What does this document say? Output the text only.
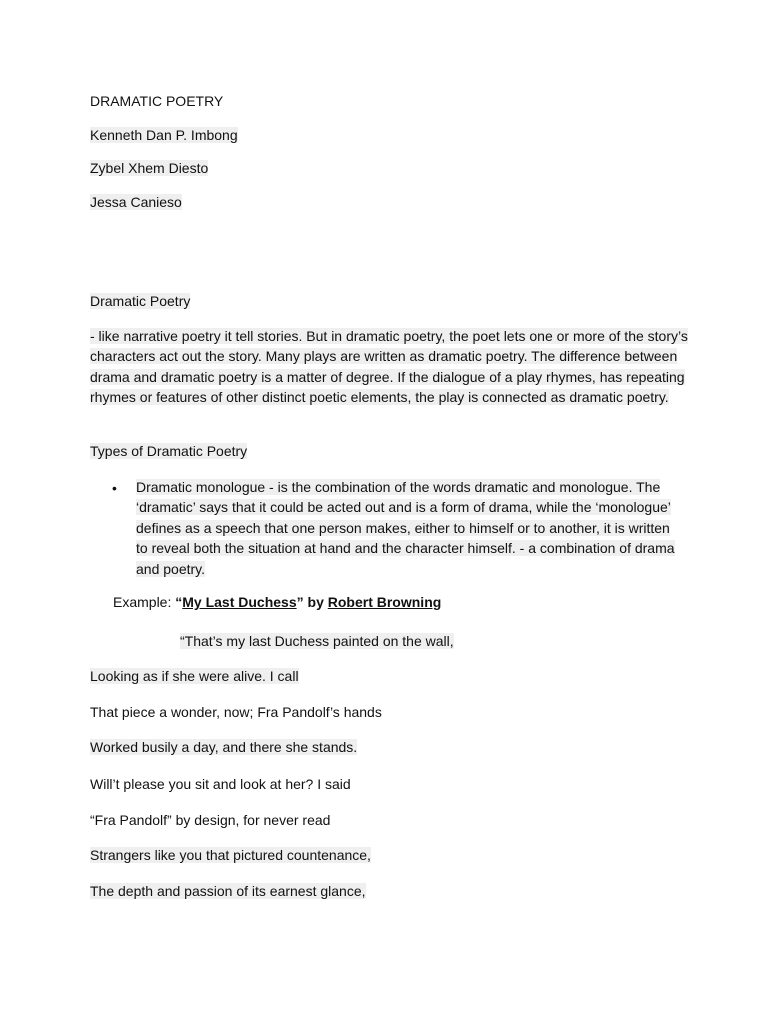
DRAMATIC POETRY
Kenneth Dan P. Imbong
Zybel Xhem Diesto
Jessa Canieso
Dramatic Poetry
- like narrative poetry it tell stories. But in dramatic poetry, the poet lets one or more of the story’s characters act out the story. Many plays are written as dramatic poetry. The difference between drama and dramatic poetry is a matter of degree. If the dialogue of a play rhymes, has repeating rhymes or features of other distinct poetic elements, the play is connected as dramatic poetry.
Types of Dramatic Poetry
• Dramatic monologue - is the combination of the words dramatic and monologue. The ‘dramatic’ says that it could be acted out and is a form of drama, while the ‘monologue’ defines as a speech that one person makes, either to himself or to another, it is written to reveal both the situation at hand and the character himself. - a combination of drama and poetry.
Example: “My Last Duchess” by Robert Browning
“That’s my last Duchess painted on the wall,
Looking as if she were alive. I call
That piece a wonder, now; Fra Pandolf’s hands
Worked busily a day, and there she stands.
Will’t please you sit and look at her? I said
“Fra Pandolf” by design, for never read
Strangers like you that pictured countenance,
The depth and passion of its earnest glance,
